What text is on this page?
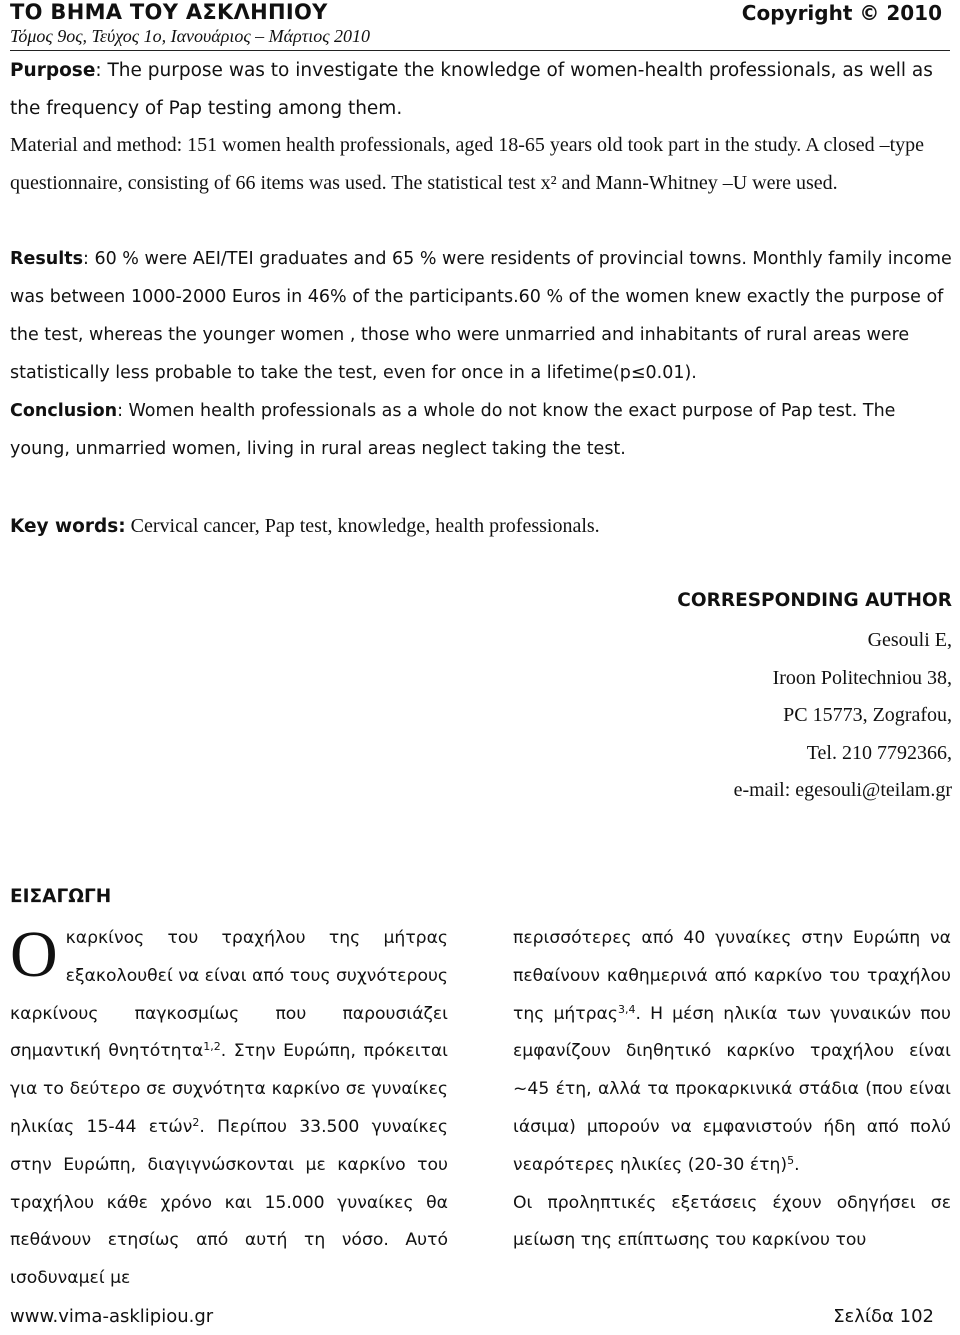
ΤΟ ΒΗΜΑ ΤΟΥ ΑΣΚΛΗΠΙΟΥ	Copyright © 2010
Τόμος 9ος, Τεύχος 1ο, Ιανουάριος – Μάρτιος 2010
Purpose: The purpose was to investigate the knowledge of women-health professionals, as well as the frequency of Pap testing among them.
Material and method: 151 women health professionals, aged 18-65 years old took part in the study. A closed –type questionnaire, consisting of 66 items was used. The statistical test x² and Mann-Whitney –U were used.
Results: 60 % were AEI/TEI graduates and 65 % were residents of provincial towns. Monthly family income was between 1000-2000 Euros in 46% of the participants.60 % of the women knew exactly the purpose of the test, whereas the younger women , those who were unmarried and inhabitants of rural areas were statistically less probable to take the test, even for once in a lifetime(p≤0.01).
Conclusion: Women health professionals as a whole do not know the exact purpose of Pap test. The young, unmarried women, living in rural areas neglect taking the test.
Key words: Cervical cancer, Pap test, knowledge, health professionals.
CORRESPONDING AUTHOR
Gesouli E,
Iroon Politechniou 38,
PC 15773, Zografou,
Tel. 210 7792366,
e-mail: egesouli@teilam.gr
ΕΙΣΑΓΩΓΗ

Οκαρκίνος του τραχήλου της μήτρας εξακολουθεί να είναι από τους συχνότερους καρκίνους παγκοσμίως που παρουσιάζει σημαντική θνητότητα$^{1,2}$. Στην Ευρώπη, πρόκειται για το δεύτερο σε συχνότητα καρκίνο σε γυναίκες ηλικίας 15-44 ετών$^2$. Περίπου 33.500 γυναίκες στην Ευρώπη, διαγιγνώσκονται με καρκίνο του τραχήλου κάθε χρόνο και 15.000 γυναίκες θα πεθάνουν ετησίως από αυτή τη νόσο. Αυτό ισοδυναμεί με

περισσότερες από 40 γυναίκες στην Ευρώπη να πεθαίνουν καθημερινά από καρκίνο του τραχήλου της μήτρας$^{3,4}$. Η μέση ηλικία των γυναικών που εμφανίζουν διηθητικό καρκίνο τραχήλου είναι ~45 έτη, αλλά τα προκαρκινικά στάδια (που είναι ιάσιμα) μπορούν να εμφανιστούν ήδη από πολύ νεαρότερες ηλικίες (20-30 έτη)$^5$.

Οι προληπτικές εξετάσεις έχουν οδηγήσει σε μείωση της επίπτωσης του καρκίνου του

www.vima-asklipiou.gr	Σελίδα 102
